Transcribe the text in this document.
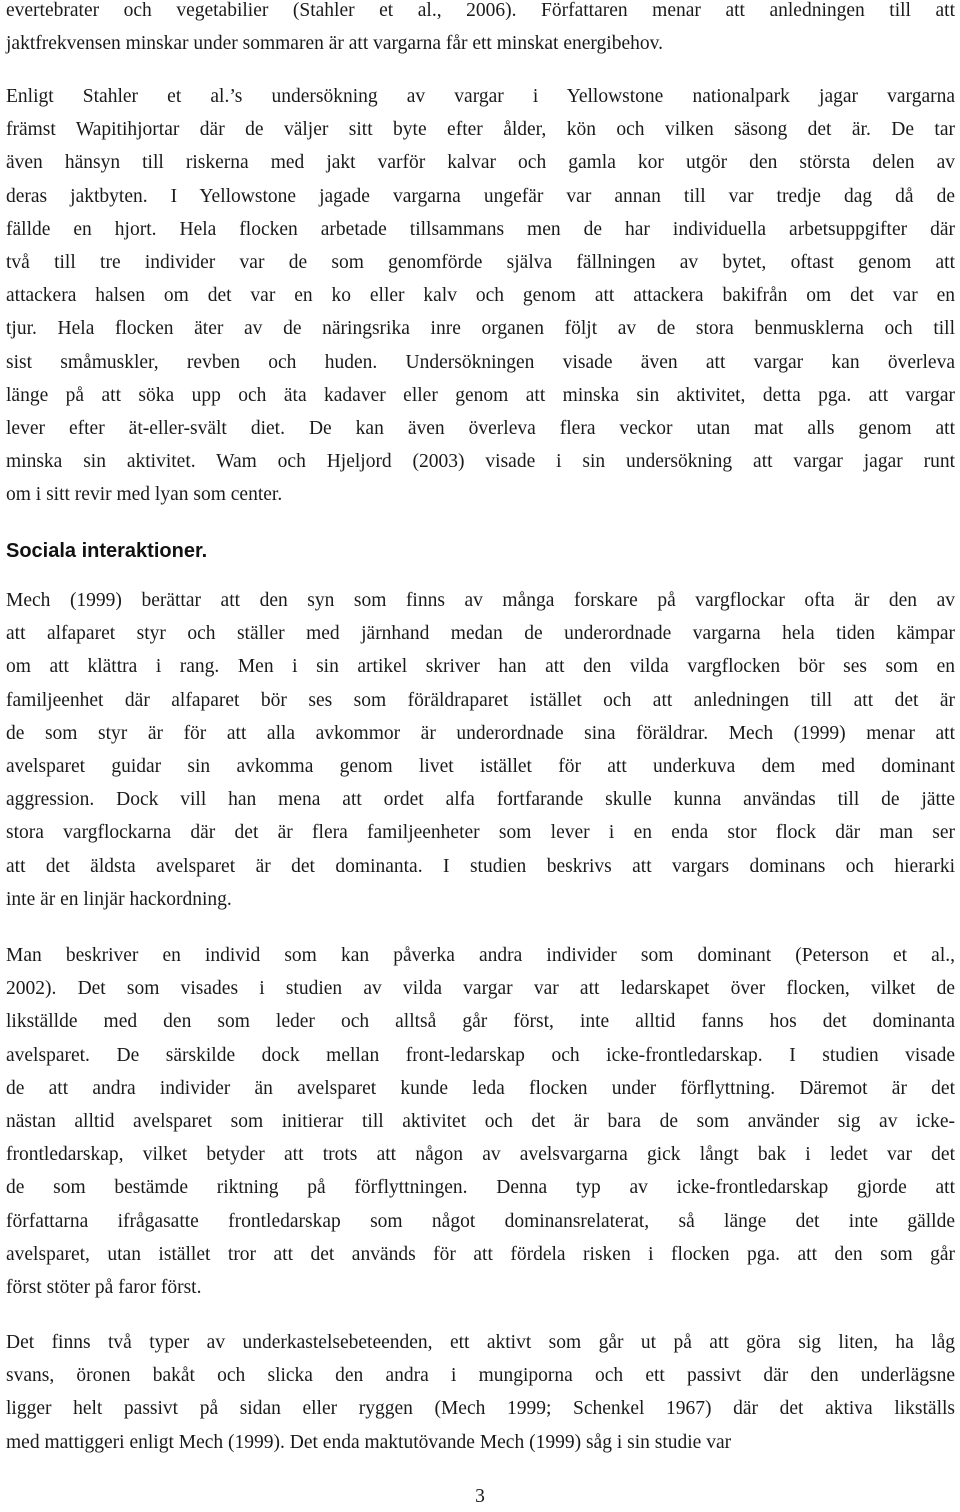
evertebrater och vegetabilier (Stahler et al., 2006). Författaren menar att anledningen till att
jaktfrekvensen minskar under sommaren är att vargarna får ett minskat energibehov.
Enligt Stahler et al.’s undersökning av vargar i Yellowstone nationalpark jagar vargarna
främst Wapitihjortar där de väljer sitt byte efter ålder, kön och vilken säsong det är. De tar
även hänsyn till riskerna med jakt varför kalvar och gamla kor utgör den största delen av
deras jaktbyten. I Yellowstone jagade vargarna ungefär var annan till var tredje dag då de
fällde en hjort. Hela flocken arbetade tillsammans men de har individuella arbetsuppgifter där
två till tre individer var de som genomförde själva fällningen av bytet, oftast genom att
attackera halsen om det var en ko eller kalv och genom att attackera bakifrån om det var en
tjur. Hela flocken äter av de näringsrika inre organen följt av de stora benmusklerna och till
sist småmuskler, revben och huden. Undersökningen visade även att vargar kan överleva
länge på att söka upp och äta kadaver eller genom att minska sin aktivitet, detta pga. att vargar
lever efter ät-eller-svält diet. De kan även överleva flera veckor utan mat alls genom att
minska sin aktivitet. Wam och Hjeljord (2003) visade i sin undersökning att vargar jagar runt
om i sitt revir med lyan som center.
Sociala interaktioner.
Mech (1999) berättar att den syn som finns av många forskare på vargflockar ofta är den av
att alfaparet styr och ställer med järnhand medan de underordnade vargarna hela tiden kämpar
om att klättra i rang. Men i sin artikel skriver han att den vilda vargflocken bör ses som en
familjeenhet där alfaparet bör ses som föräldraparet istället och att anledningen till att det är
de som styr är för att alla avkommor är underordnade sina föräldrar. Mech (1999) menar att
avelsparet guidar sin avkomma genom livet istället för att underkuva dem med dominant
aggression. Dock vill han mena att ordet alfa fortfarande skulle kunna användas till de jätte
stora vargflockarna där det är flera familjeenheter som lever i en enda stor flock där man ser
att det äldsta avelsparet är det dominanta. I studien beskrivs att vargars dominans och hierarki
inte är en linjär hackordning.
Man beskriver en individ som kan påverka andra individer som dominant (Peterson et al.,
2002). Det som visades i studien av vilda vargar var att ledarskapet över flocken, vilket de
likställde med den som leder och alltså går först, inte alltid fanns hos det dominanta
avelsparet. De särskilde dock mellan front-ledarskap och icke-frontledarskap. I studien visade
de att andra individer än avelsparet kunde leda flocken under förflyttning. Däremot är det
nästan alltid avelsparet som initierar till aktivitet och det är bara de som använder sig av icke-
frontledarskap, vilket betyder att trots att någon av avelsvargarna gick långt bak i ledet var det
de som bestämde riktning på förflyttningen. Denna typ av icke-frontledarskap gjorde att
författarna ifrågasatte frontledarskap som något dominansrelaterat, så länge det inte gällde
avelsparet, utan istället tror att det används för att fördela risken i flocken pga. att den som går
först stöter på faror först.
Det finns två typer av underkastelsebeteenden, ett aktivt som går ut på att göra sig liten, ha låg
svans, öronen bakåt och slicka den andra i mungiporna och ett passivt där den underlägsne
ligger helt passivt på sidan eller ryggen (Mech 1999; Schenkel 1967) där det aktiva likställs
med mattiggeri enligt Mech (1999). Det enda maktutövande Mech (1999) såg i sin studie var
3
